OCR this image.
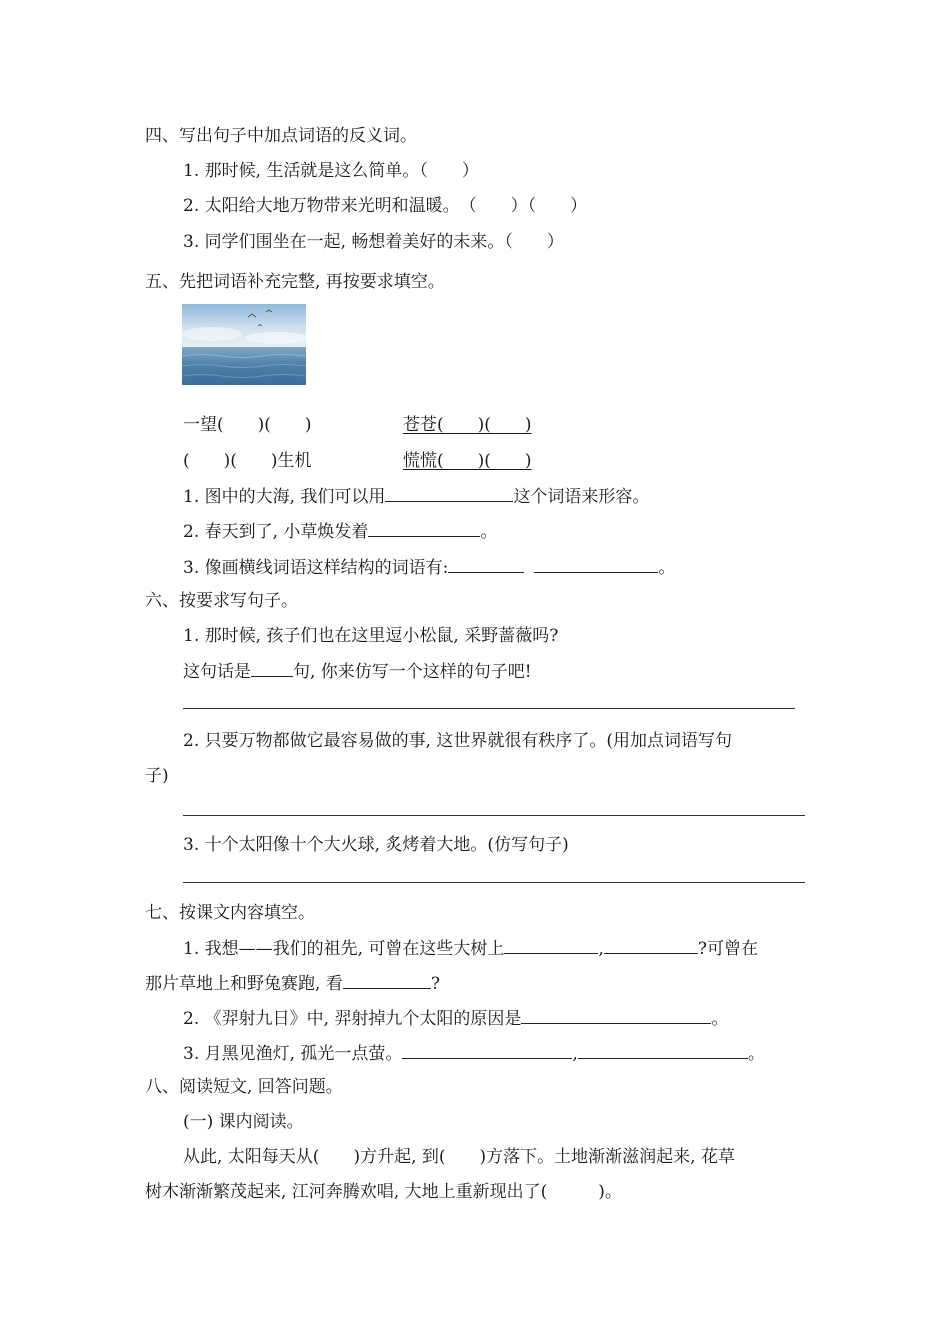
四、写出句子中加点词语的反义词。
1. 那时候, 生活就是这么简单。（　　）
2. 太阳给大地万物带来光明和温暖。　（　　）（　　）
3. 同学们围坐在一起, 畅想着美好的未来。（　　）
五、先把词语补充完整, 再按要求填空。
一望(　　)(　　)	苍苍(　　)(　　)
(　　)(　　)生机	慌慌(　　)(　　)
1. 图中的大海, 我们可以用	这个词语来形容。
2. 春天到了, 小草焕发着	。
3. 像画横线词语这样结构的词语有:	。
六、按要求写句子。
1. 那时候, 孩子们也在这里逗小松鼠, 采野蔷薇吗?
这句话是 句, 你来仿写一个这样的句子吧!
2. 只要万物都做它最容易做的事, 这世界就很有秩序了。(用加点词语写句
子)
3. 十个太阳像十个大火球, 炙烤着大地。(仿写句子)
七、按课文内容填空。
1. 我想——我们的祖先, 可曾在这些大树上	,	?可曾在
那片草地上和野兔赛跑, 看	?
2. 《羿射九日》中, 羿射掉九个太阳的原因是	。
3. 月黑见渔灯, 孤光一点萤。	,	。
八、阅读短文, 回答问题。
(一) 课内阅读。
从此, 太阳每天从(　　)方升起, 到(　　)方落下。土地渐渐滋润起来, 花草
树木渐渐繁茂起来, 江河奔腾欢唱, 大地上重新现出了(　　　)。
